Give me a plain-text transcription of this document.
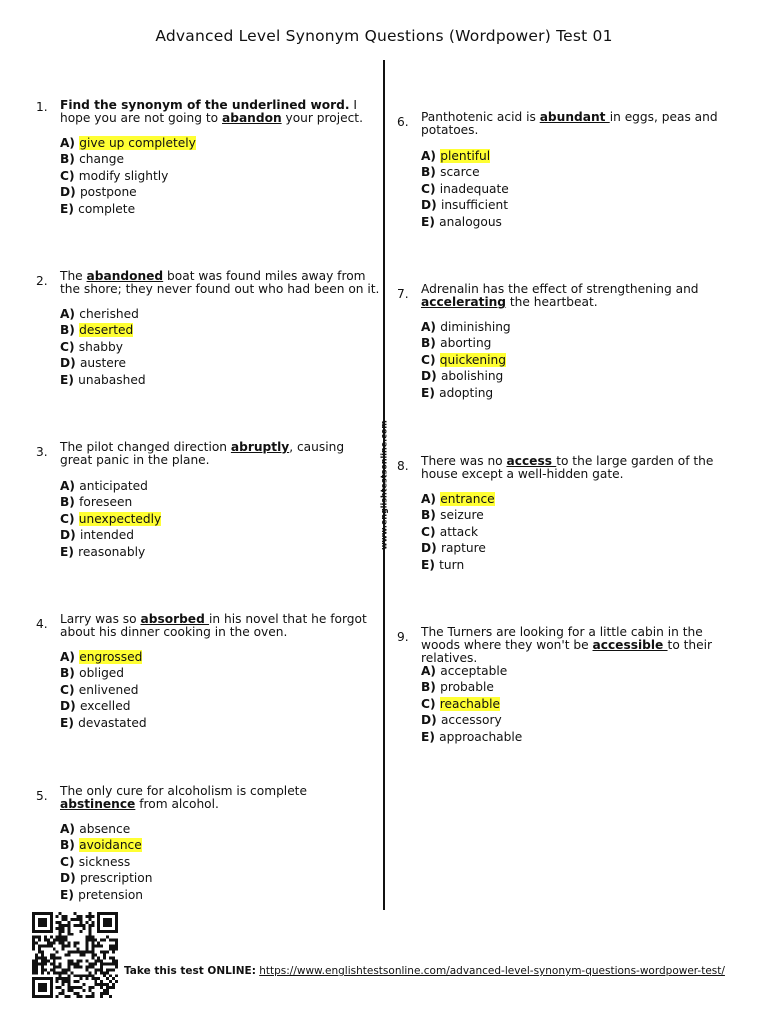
Advanced Level Synonym Questions (Wordpower) Test 01
www.englishtestsonline.com
1. Find the synonym of the underlined word. I hope you are not going to abandon your project.
A) give up completely
B) change
C) modify slightly
D) postpone
E) complete
2. The abandoned boat was found miles away from the shore; they never found out who had been on it.
A) cherished
B) deserted
C) shabby
D) austere
E) unabashed
3. The pilot changed direction abruptly, causing great panic in the plane.
A) anticipated
B) foreseen
C) unexpectedly
D) intended
E) reasonably
4. Larry was so absorbed in his novel that he forgot about his dinner cooking in the oven.
A) engrossed
B) obliged
C) enlivened
D) excelled
E) devastated
5. The only cure for alcoholism is complete abstinence from alcohol.
A) absence
B) avoidance
C) sickness
D) prescription
E) pretension
6. Panthotenic acid is abundant in eggs, peas and potatoes.
A) plentiful
B) scarce
C) inadequate
D) insufficient
E) analogous
7. Adrenalin has the effect of strengthening and accelerating the heartbeat.
A) diminishing
B) aborting
C) quickening
D) abolishing
E) adopting
8. There was no access to the large garden of the house except a well-hidden gate.
A) entrance
B) seizure
C) attack
D) rapture
E) turn
9. The Turners are looking for a little cabin in the woods where they won't be accessible to their relatives.
A) acceptable
B) probable
C) reachable
D) accessory
E) approachable
Take this test ONLINE: https://www.englishtestsonline.com/advanced-level-synonym-questions-wordpower-test/
